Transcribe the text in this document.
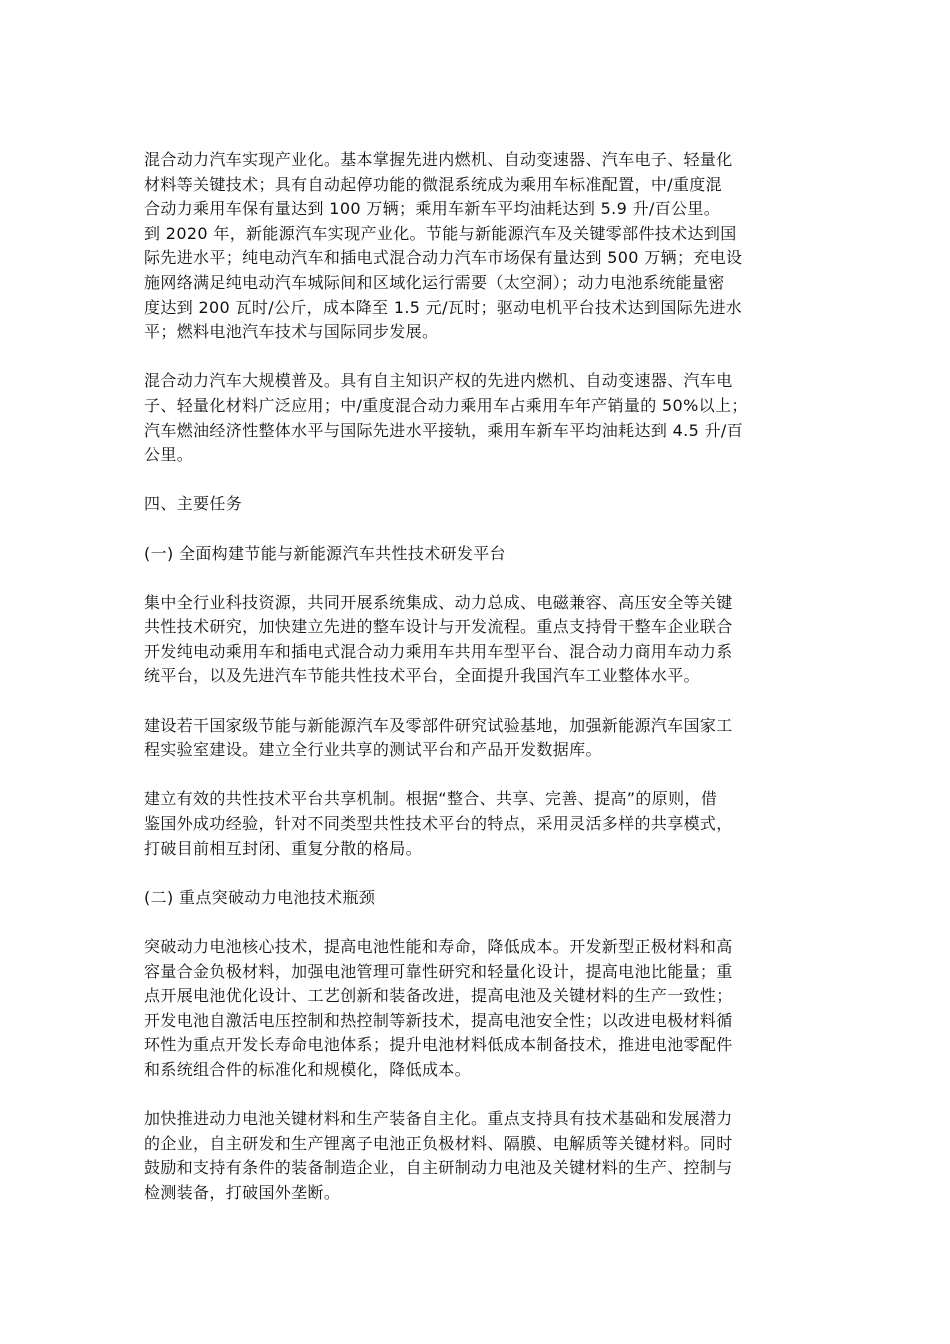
混合动力汽车实现产业化。基本掌握先进内燃机、自动变速器、汽车电子、轻量化
材料等关键技术；具有自动起停功能的微混系统成为乘用车标准配置，中/重度混
合动力乘用车保有量达到 100 万辆；乘用车新车平均油耗达到 5.9 升/百公里。
到 2020 年，新能源汽车实现产业化。节能与新能源汽车及关键零部件技术达到国
际先进水平；纯电动汽车和插电式混合动力汽车市场保有量达到 500 万辆；充电设
施网络满足纯电动汽车城际间和区域化运行需要（太空洞）；动力电池系统能量密
度达到 200 瓦时/公斤，成本降至 1.5 元/瓦时；驱动电机平台技术达到国际先进水
平；燃料电池汽车技术与国际同步发展。
混合动力汽车大规模普及。具有自主知识产权的先进内燃机、自动变速器、汽车电
子、轻量化材料广泛应用；中/重度混合动力乘用车占乘用车年产销量的 50%以上；
汽车燃油经济性整体水平与国际先进水平接轨，乘用车新车平均油耗达到 4.5 升/百
公里。
四、主要任务
(一) 全面构建节能与新能源汽车共性技术研发平台
集中全行业科技资源，共同开展系统集成、动力总成、电磁兼容、高压安全等关键
共性技术研究，加快建立先进的整车设计与开发流程。重点支持骨干整车企业联合
开发纯电动乘用车和插电式混合动力乘用车共用车型平台、混合动力商用车动力系
统平台，以及先进汽车节能共性技术平台，全面提升我国汽车工业整体水平。
建设若干国家级节能与新能源汽车及零部件研究试验基地，加强新能源汽车国家工
程实验室建设。建立全行业共享的测试平台和产品开发数据库。
建立有效的共性技术平台共享机制。根据“整合、共享、完善、提高”的原则，借
鉴国外成功经验，针对不同类型共性技术平台的特点，采用灵活多样的共享模式，
打破目前相互封闭、重复分散的格局。
(二) 重点突破动力电池技术瓶颈
突破动力电池核心技术，提高电池性能和寿命，降低成本。开发新型正极材料和高
容量合金负极材料，加强电池管理可靠性研究和轻量化设计，提高电池比能量；重
点开展电池优化设计、工艺创新和装备改进，提高电池及关键材料的生产一致性；
开发电池自激活电压控制和热控制等新技术，提高电池安全性；以改进电极材料循
环性为重点开发长寿命电池体系；提升电池材料低成本制备技术，推进电池零配件
和系统组合件的标准化和规模化，降低成本。
加快推进动力电池关键材料和生产装备自主化。重点支持具有技术基础和发展潜力
的企业，自主研发和生产锂离子电池正负极材料、隔膜、电解质等关键材料。同时
鼓励和支持有条件的装备制造企业，自主研制动力电池及关键材料的生产、控制与
检测装备，打破国外垄断。
